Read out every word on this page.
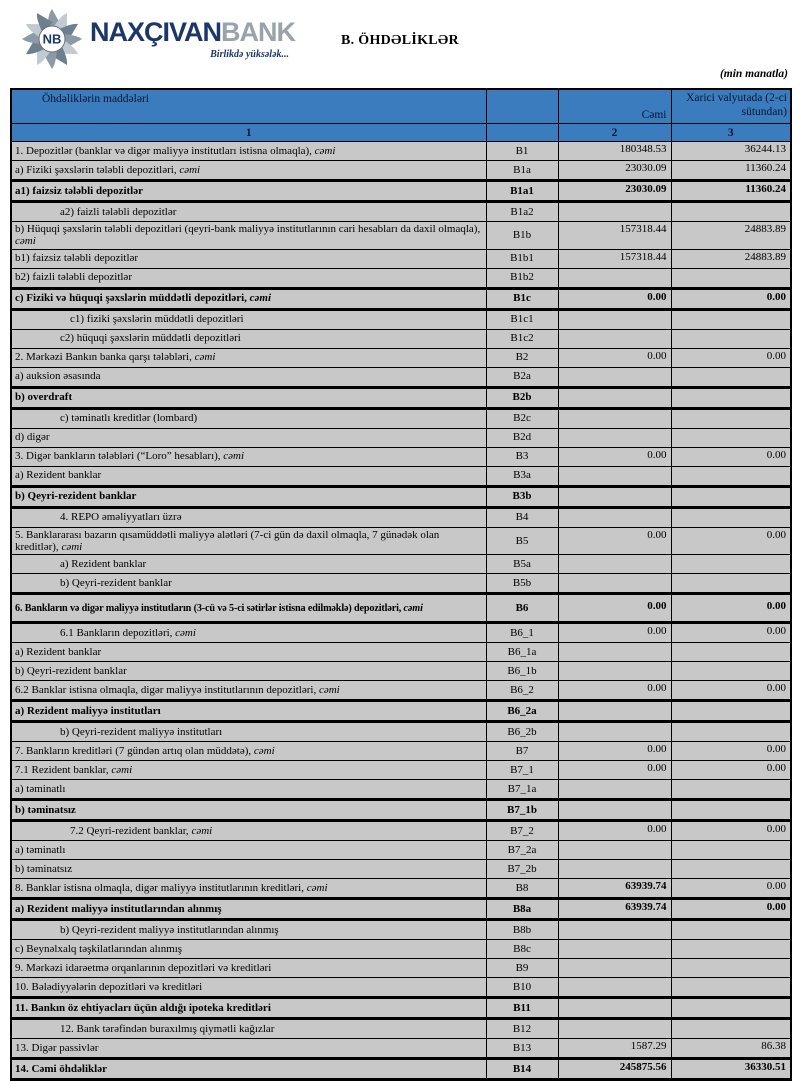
NB NAXÇIVANBANK
Birlikdə yüksələk...
B. ÖHDƏLİKLƏR
(min manatla)
Öhdəliklərin maddələri		Cəmi	Xarici valyutada (2-ci sütundan)
1		2	3
1. Depozitlər (banklar və digər maliyyə institutları istisna olmaqla), cəmi	B1	180348.53	36244.13
a) Fiziki şəxslərin tələbli depozitləri, cəmi	B1a	23030.09	11360.24
a1) faizsiz tələbli depozitlər	B1a1	23030.09	11360.24
a2) faizli tələbli depozitlər	B1a2		
b) Hüquqi şəxslərin tələbli depozitləri (qeyri-bank maliyyə institutlarının cari hesabları da daxil olmaqla), cəmi	B1b	157318.44	24883.89
b1) faizsiz tələbli depozitlər	B1b1	157318.44	24883.89
b2) faizli tələbli depozitlər	B1b2		
c) Fiziki və hüquqi şəxslərin müddətli depozitləri, cəmi	B1c	0.00	0.00
c1) fiziki şəxslərin müddətli depozitləri	B1c1		
c2) hüquqi şəxslərin müddətli depozitləri	B1c2		
2. Mərkəzi Bankın banka qarşı tələbləri, cəmi	B2	0.00	0.00
a) auksion əsasında	B2a		
b) overdraft	B2b		
c) təminatlı kreditlər (lombard)	B2c		
d) digər	B2d		
3. Digər bankların tələbləri (“Loro” hesabları), cəmi	B3	0.00	0.00
a) Rezident banklar	B3a		
b) Qeyri-rezident banklar	B3b		
4. REPO əməliyyatları üzrə	B4		
5. Banklararası bazarın qısamüddətli maliyyə alətləri (7-ci gün də daxil olmaqla, 7 günədək olan kreditlər), cəmi	B5	0.00	0.00
a) Rezident banklar	B5a		
b) Qeyri-rezident banklar	B5b		
6. Bankların və digər maliyyə institutların (3-cü və 5-ci sətirlər istisna edilməklə) depozitləri, cəmi	B6	0.00	0.00
6.1 Bankların depozitləri, cəmi	B6_1	0.00	0.00
a) Rezident banklar	B6_1a		
b) Qeyri-rezident banklar	B6_1b		
6.2 Banklar istisna olmaqla, digər maliyyə institutlarının depozitləri, cəmi	B6_2	0.00	0.00
a) Rezident maliyyə institutları	B6_2a		
b) Qeyri-rezident maliyyə institutları	B6_2b		
7. Bankların kreditləri (7 gündən artıq olan müddətə), cəmi	B7	0.00	0.00
7.1 Rezident banklar, cəmi	B7_1	0.00	0.00
a) təminatlı	B7_1a		
b) təminatsız	B7_1b		
7.2 Qeyri-rezident banklar, cəmi	B7_2	0.00	0.00
a) təminatlı	B7_2a		
b) təminatsız	B7_2b		
8. Banklar istisna olmaqla, digər maliyyə institutlarının kreditləri, cəmi	B8	63939.74	0.00
a) Rezident maliyyə institutlarından alınmış	B8a	63939.74	0.00
b) Qeyri-rezident maliyyə institutlarından alınmış	B8b		
c) Beynəlxalq təşkilatlarından alınmış	B8c		
9. Mərkəzi idarəetmə orqanlarının depozitləri və kreditləri	B9		
10. Bələdiyyələrin depozitləri və kreditləri	B10		
11. Bankın öz ehtiyacları üçün aldığı ipoteka kreditləri	B11		
12. Bank tərəfindən buraxılmış qiymətli kağızlar	B12		
13. Digər passivlər	B13	1587.29	86.38
14. Cəmi öhdəliklər	B14	245875.56	36330.51
